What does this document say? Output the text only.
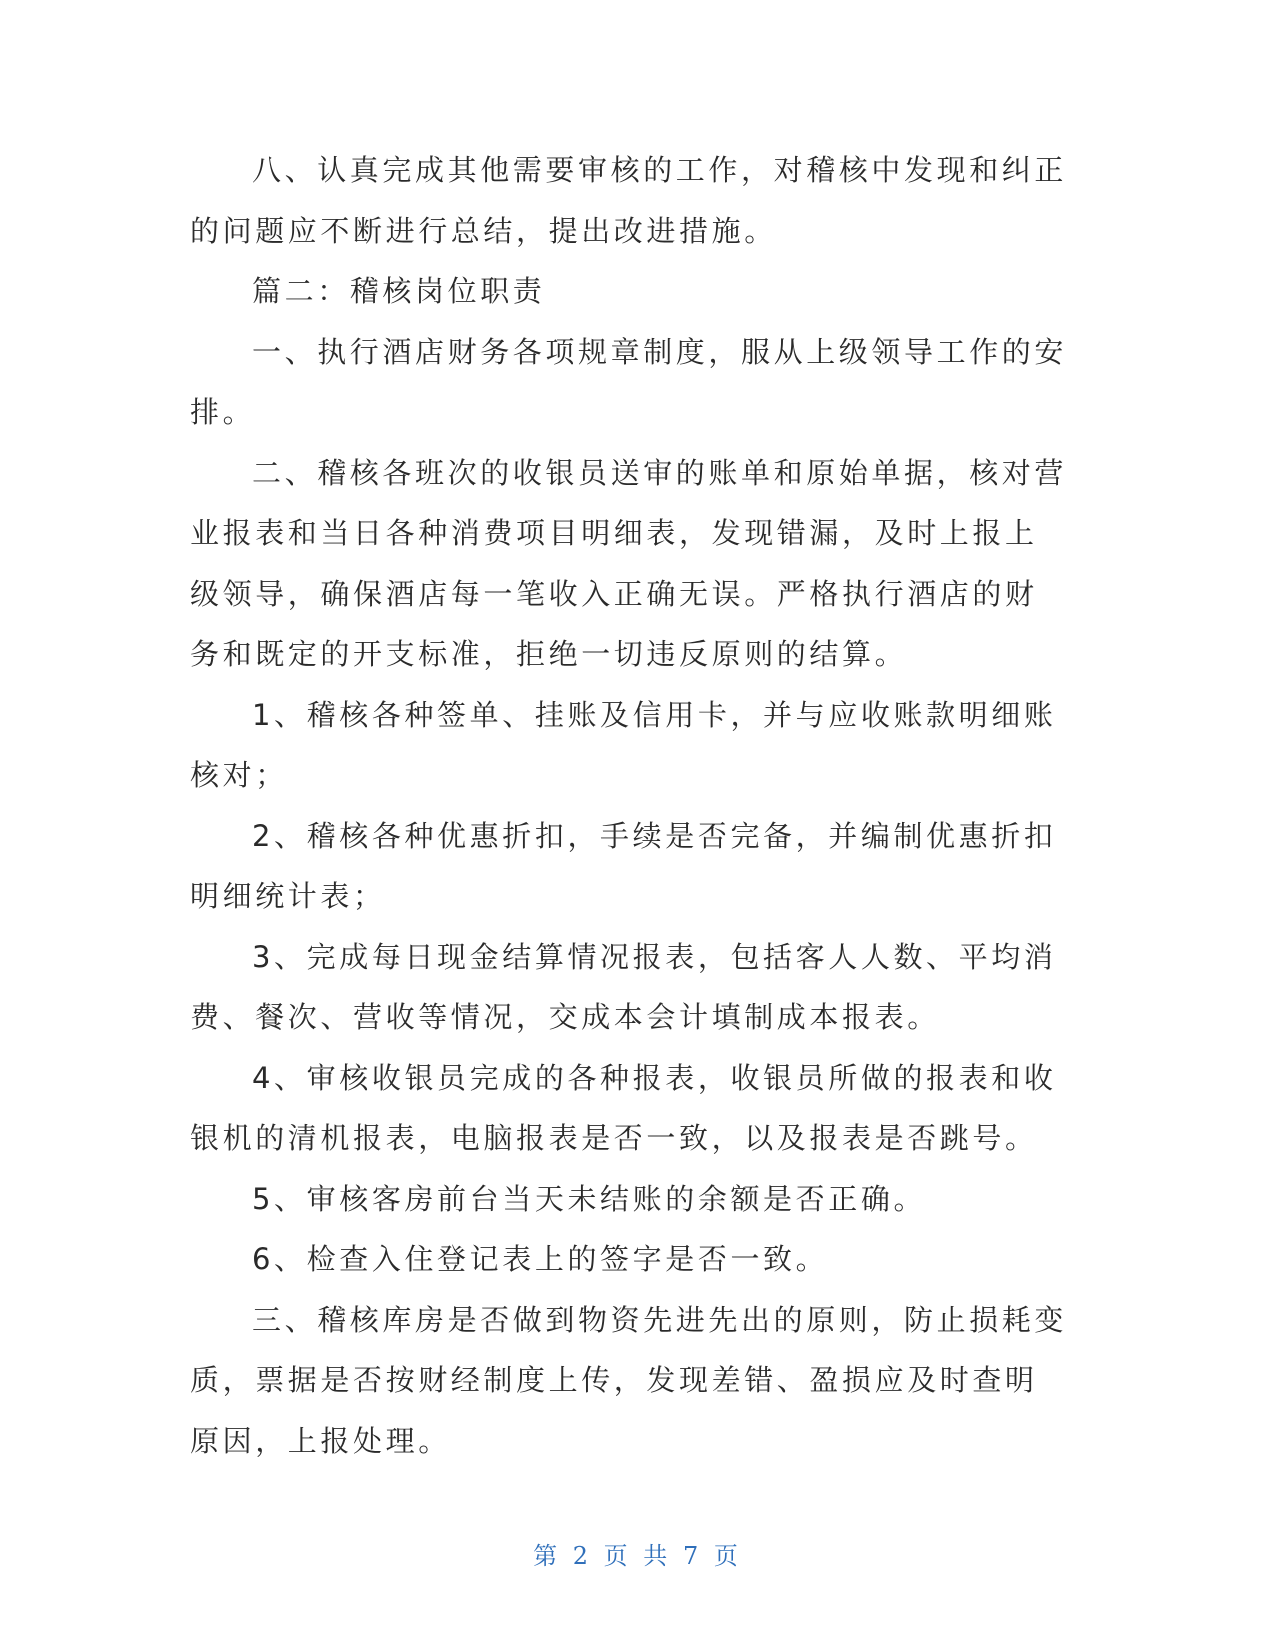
八、认真完成其他需要审核的工作，对稽核中发现和纠正的问题应不断进行总结，提出改进措施。

篇二：稽核岗位职责

一、执行酒店财务各项规章制度，服从上级领导工作的安排。

二、稽核各班次的收银员送审的账单和原始单据，核对营业报表和当日各种消费项目明细表，发现错漏，及时上报上级领导，确保酒店每一笔收入正确无误。严格执行酒店的财务和既定的开支标准，拒绝一切违反原则的结算。

1、稽核各种签单、挂账及信用卡，并与应收账款明细账核对；

2、稽核各种优惠折扣，手续是否完备，并编制优惠折扣明细统计表；

3、完成每日现金结算情况报表，包括客人人数、平均消费、餐次、营收等情况，交成本会计填制成本报表。

4、审核收银员完成的各种报表，收银员所做的报表和收银机的清机报表，电脑报表是否一致，以及报表是否跳号。

5、审核客房前台当天未结账的余额是否正确。

6、检查入住登记表上的签字是否一致。

三、稽核库房是否做到物资先进先出的原则，防止损耗变质，票据是否按财经制度上传，发现差错、盈损应及时查明原因，上报处理。

第 2 页 共 7 页
